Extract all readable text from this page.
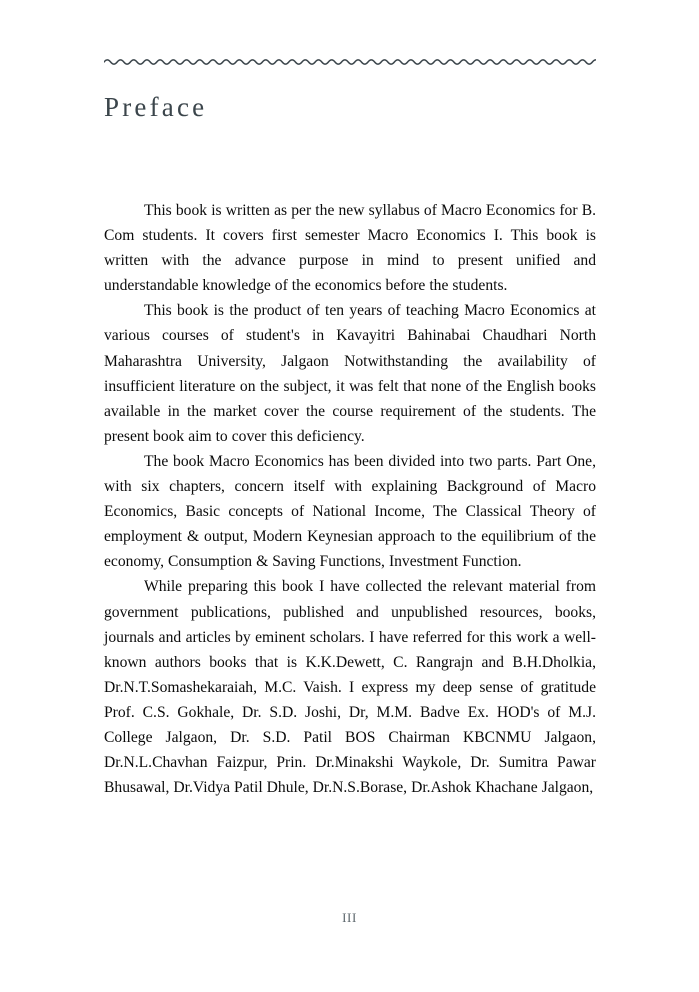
Preface

This book is written as per the new syllabus of Macro Economics for B. Com students. It covers first semester Macro Economics I. This book is written with the advance purpose in mind to present unified and understandable knowledge of the economics before the students.

This book is the product of ten years of teaching Macro Economics at various courses of student's in Kavayitri Bahinabai Chaudhari North Maharashtra University, Jalgaon Notwithstanding the availability of insufficient literature on the subject, it was felt that none of the English books available in the market cover the course requirement of the students. The present book aim to cover this deficiency.

The book Macro Economics has been divided into two parts. Part One, with six chapters, concern itself with explaining Background of Macro Economics, Basic concepts of National Income, The Classical Theory of employment & output, Modern Keynesian approach to the equilibrium of the economy, Consumption & Saving Functions, Investment Function.

While preparing this book I have collected the relevant material from government publications, published and unpublished resources, books, journals and articles by eminent scholars. I have referred for this work a well-known authors books that is K.K.Dewett, C. Rangrajn and B.H.Dholkia, Dr.N.T.Somashekaraiah, M.C. Vaish. I express my deep sense of gratitude Prof. C.S. Gokhale, Dr. S.D. Joshi, Dr, M.M. Badve Ex. HOD's of M.J. College Jalgaon, Dr. S.D. Patil BOS Chairman KBCNMU Jalgaon, Dr.N.L.Chavhan Faizpur, Prin. Dr.Minakshi Waykole, Dr. Sumitra Pawar Bhusawal, Dr.Vidya Patil Dhule, Dr.N.S.Borase, Dr.Ashok Khachane Jalgaon,

III
